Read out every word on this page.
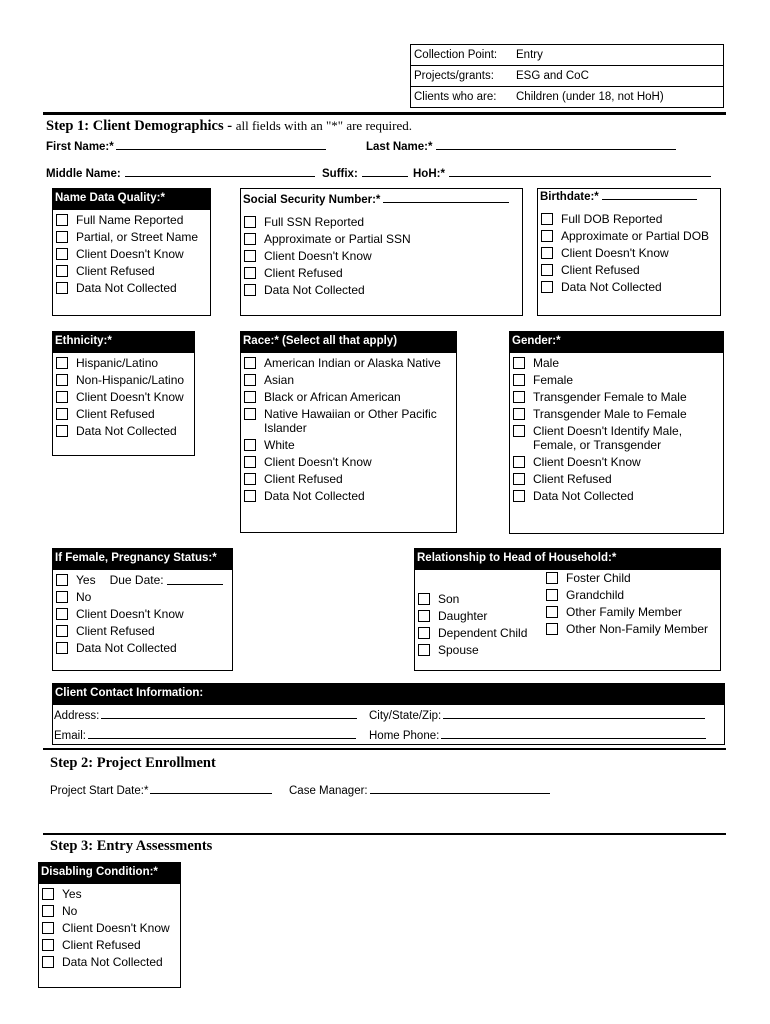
Collection Point:	Entry
Projects/grants:	ESG and CoC
Clients who are:	Children (under 18, not HoH)
Step 1: Client Demographics - all fields with an "*" are required.
First Name:*	Last Name:*
Middle Name:	Suffix:	HoH:*
Name Data Quality:*
Full Name Reported
Partial, or Street Name
Client Doesn't Know
Client Refused
Data Not Collected
Social Security Number:*
Full SSN Reported
Approximate or Partial SSN
Client Doesn't Know
Client Refused
Data Not Collected
Birthdate:*
Full DOB Reported
Approximate or Partial DOB
Client Doesn't Know
Client Refused
Data Not Collected
Ethnicity:*
Hispanic/Latino
Non-Hispanic/Latino
Client Doesn't Know
Client Refused
Data Not Collected
Race:* (Select all that apply)
American Indian or Alaska Native
Asian
Black or African American
Native Hawaiian or Other Pacific Islander
White
Client Doesn't Know
Client Refused
Data Not Collected
Gender:*
Male
Female
Transgender Female to Male
Transgender Male to Female
Client Doesn't Identify Male, Female, or Transgender
Client Doesn't Know
Client Refused
Data Not Collected
If Female, Pregnancy Status:*
Yes Due Date:
No
Client Doesn't Know
Client Refused
Data Not Collected
Relationship to Head of Household:*
Son
Daughter
Dependent Child
Spouse
Foster Child
Grandchild
Other Family Member
Other Non-Family Member
Client Contact Information:
Address:	City/State/Zip:
Email:	Home Phone:
Step 2: Project Enrollment
Project Start Date:*	Case Manager:
Step 3: Entry Assessments
Disabling Condition:*
Yes
No
Client Doesn't Know
Client Refused
Data Not Collected
